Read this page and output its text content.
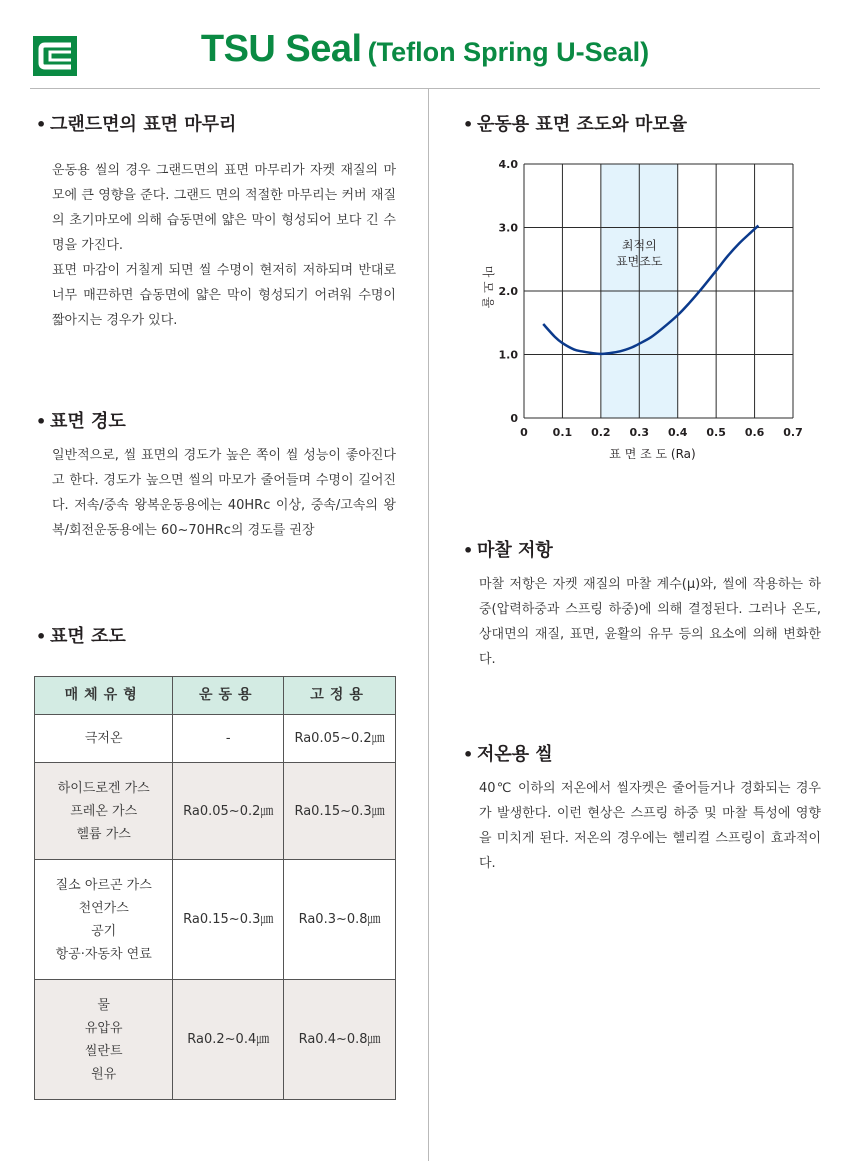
TSU Seal (Teflon Spring U-Seal)
• 그랜드면의 표면 마무리
운동용 씰의 경우 그랜드면의 표면 마무리가 자켓 재질의 마모에 큰 영향을 준다. 그랜드 면의 적절한 마무리는 커버 재질의 초기마모에 의해 습동면에 얇은 막이 형성되어 보다 긴 수명을 가진다.
표면 마감이 거칠게 되면 씰 수명이 현저히 저하되며 반대로 너무 매끈하면 습동면에 얇은 막이 형성되기 어려워 수명이 짧아지는 경우가 있다.
• 표면 경도
일반적으로, 씰 표면의 경도가 높은 쪽이 씰 성능이 좋아진다고 한다. 경도가 높으면 씰의 마모가 줄어들며 수명이 길어진다. 저속/중속 왕복운동용에는 40HRc 이상, 중속/고속의 왕복/회전운동용에는 60~70HRc의 경도를 권장
• 표면 조도
매체유형	운동용	고정용
극저온	-	Ra0.05~0.2㎛
하이드로겐 가스
프레온 가스
헬륨 가스	Ra0.05~0.2㎛	Ra0.15~0.3㎛
질소 아르곤 가스
천연가스
공기
항공·자동차 연료	Ra0.15~0.3㎛	Ra0.3~0.8㎛
물
유압유
씰란트
원유	Ra0.2~0.4㎛	Ra0.4~0.8㎛
• 운동용 표면 조도와 마모율
0 0.1 0.2 0.3 0.4 0.5 0.6 0.7
0
1.0
2.0
3.0
4.0
표 면 조 도 (Ra)
마 모 율
최적의
표면조도
• 마찰 저항
마찰 저항은 자켓 재질의 마찰 계수(μ)와, 씰에 작용하는 하중(압력하중과 스프링 하중)에 의해 결정된다. 그러나 온도, 상대면의 재질, 표면, 윤활의 유무 등의 요소에 의해 변화한다.
• 저온용 씰
40℃ 이하의 저온에서 씰자켓은 줄어들거나 경화되는 경우가 발생한다. 이런 현상은 스프링 하중 및 마찰 특성에 영향을 미치게 된다. 저온의 경우에는 헬리컬 스프링이 효과적이다.
